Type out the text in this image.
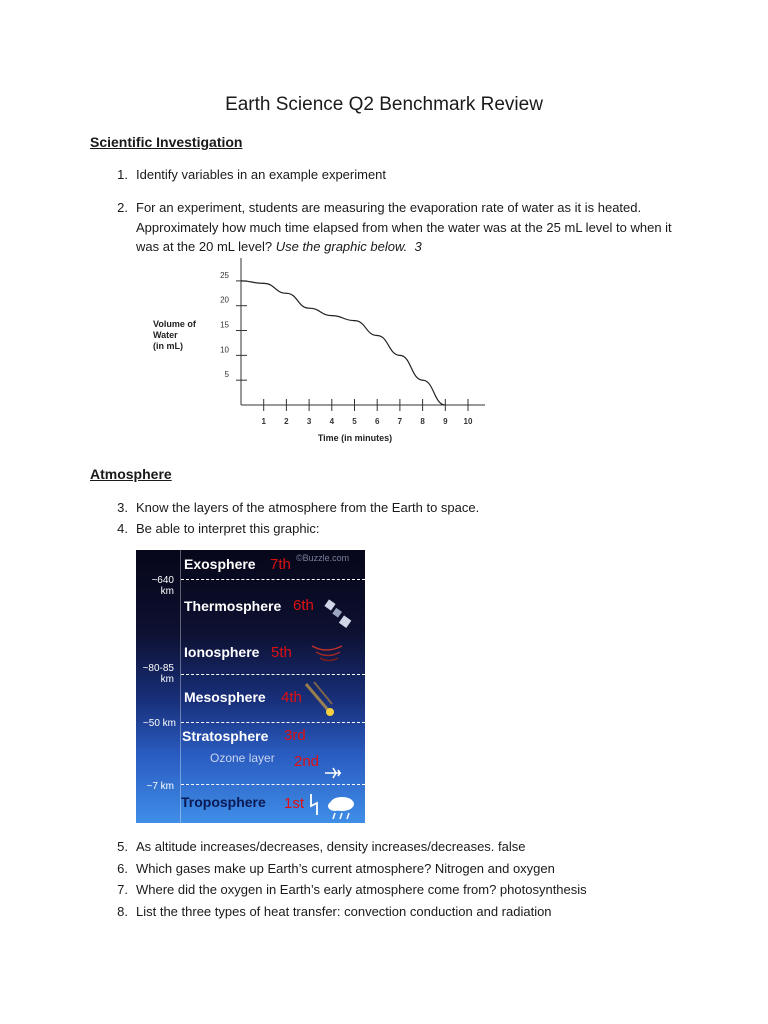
Earth Science Q2 Benchmark Review
Scientific Investigation
1. Identify variables in an example experiment
2. For an experiment, students are measuring the evaporation rate of water as it is heated. Approximately how much time elapsed from when the water was at the 25 mL level to when it was at the 20 mL level? Use the graphic below. 3
Volume of
Water
(in mL)
Time (in minutes)
5
10
15
20
25
1 2 3 4 5 6 7 8 9 10
Atmosphere
3. Know the layers of the atmosphere from the Earth to space.
4. Be able to interpret this graphic:
~640 km
~80-85 km
~50 km
~7 km
©Buzzle.com
Exosphere 7th
Thermosphere 6th
Ionosphere 5th
Mesosphere 4th
Stratosphere 3rd
Ozone layer 2nd
Troposphere 1st
5. As altitude increases/decreases, density increases/decreases. false
6. Which gases make up Earth’s current atmosphere? Nitrogen and oxygen
7. Where did the oxygen in Earth’s early atmosphere come from? photosynthesis
8. List the three types of heat transfer: convection conduction and radiation
